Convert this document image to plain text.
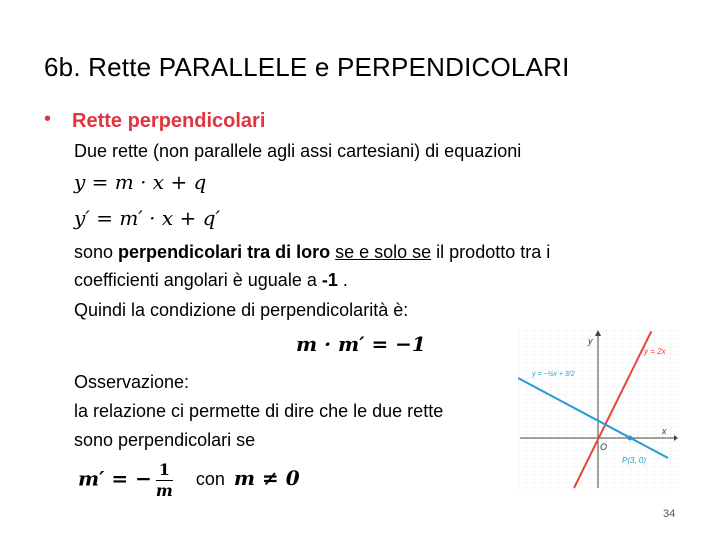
6b. Rette PARALLELE e PERPENDICOLARI
• Rette perpendicolari
Due rette (non parallele agli assi cartesiani) di equazioni
y = m · x + q
y′ = m′ · x + q′
sono perpendicolari tra di loro se e solo se il prodotto tra i
coefficienti angolari è uguale a -1 .
Quindi la condizione di perpendicolarità è:
m · m′ = −1
Osservazione:
la relazione ci permette di dire che le due rette
sono perpendicolari se
m′ = − $\frac{1}{m}$ con m ≠ 0
x
y
O
y = 2x
y = −½x + 3/2
P(3, 0)
34
